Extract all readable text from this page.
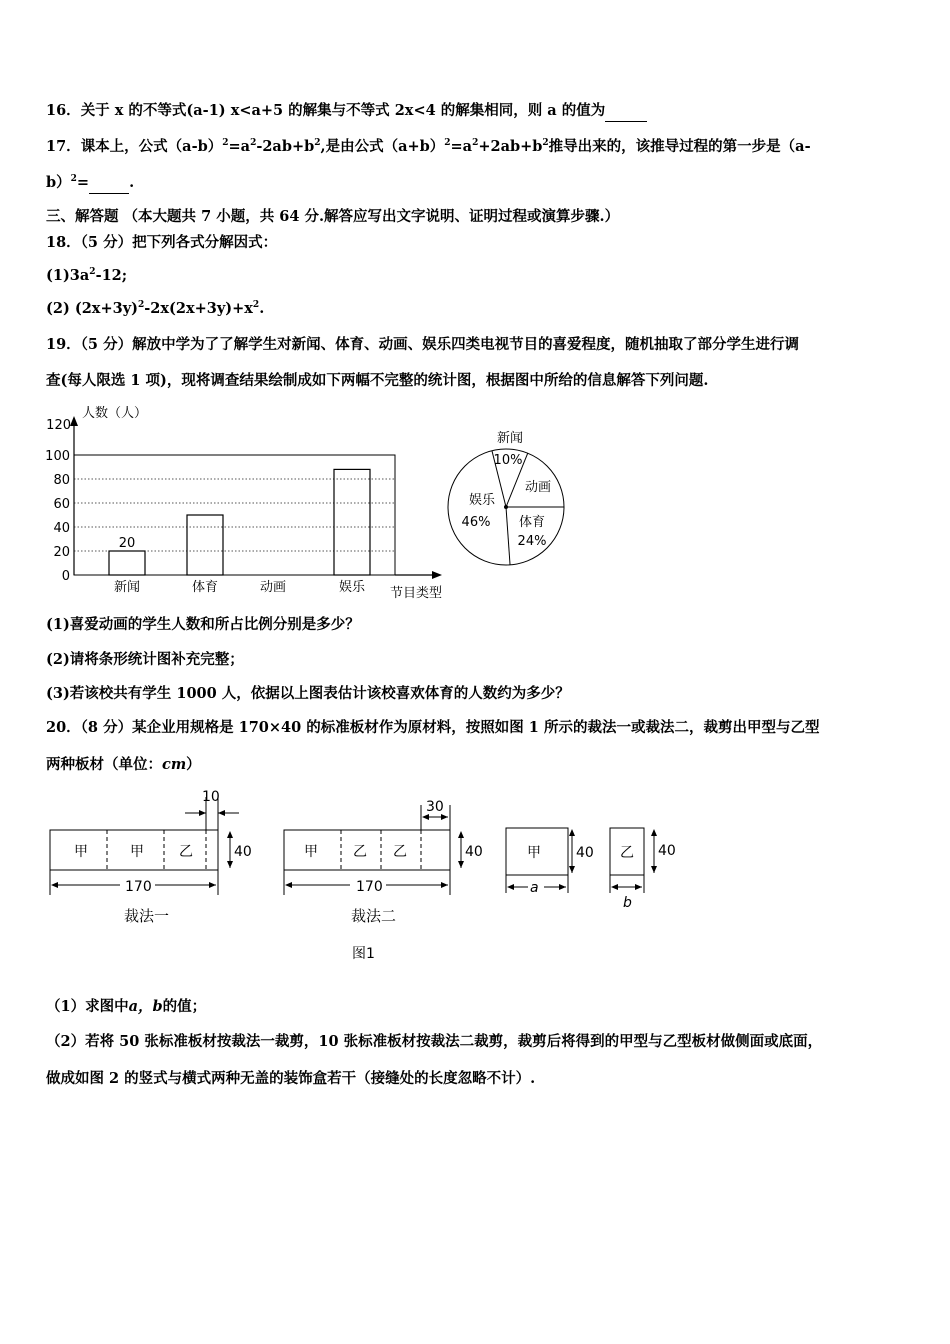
16．关于 x 的不等式(a-1) x<a+5 的解集与不等式 2x<4 的解集相同，则 a 的值为
17．课本上，公式$(a-b)^2=a^2-2ab+b^2$,是由公式$(a+b)^2=a^2+2ab+b^2$推导出来的，该推导过程的第一步是（a-
b）$^2$=	.
三、解答题 （本大题共 7 小题，共 64 分.解答应写出文字说明、证明过程或演算步骤.）
18．（5 分）把下列各式分解因式：
$(1)3a^2-12$;
(2) $(2x+3y)^2-2x(2x+3y)+x^2$.
19．（5 分）解放中学为了了解学生对新闻、体育、动画、娱乐四类电视节目的喜爱程度，随机抽取了部分学生进行调
查(每人限选 1 项)，现将调查结果绘制成如下两幅不完整的统计图，根据图中所给的信息解答下列问题.
人数（人）
120
0
20
40
60
80
100
20
新闻	体育	动画	娱乐 节目类型
新闻
10%
动画
体育
24%
娱乐
46%
(1)喜爱动画的学生人数和所占比例分别是多少？
(2)请将条形统计图补充完整；
(3)若该校共有学生 1000 人，依据以上图表估计该校喜欢体育的人数约为多少？
20．（8 分）某企业用规格是 170×40 的标准板材作为原材料，按照如图 1 所示的裁法一或裁法二，裁剪出甲型与乙型
两种板材（单位：cm）
甲	甲	乙
10
40
170
裁法一
甲	乙 乙
30
40
170
裁法二
甲	40
a
乙 40
b
图1
（1）求图中a，b的值；
（2）若将 50 张标准板材按裁法一裁剪，10 张标准板材按裁法二裁剪，裁剪后将得到的甲型与乙型板材做侧面或底面，
做成如图 2 的竖式与横式两种无盖的装饰盒若干（接缝处的长度忽略不计）.
